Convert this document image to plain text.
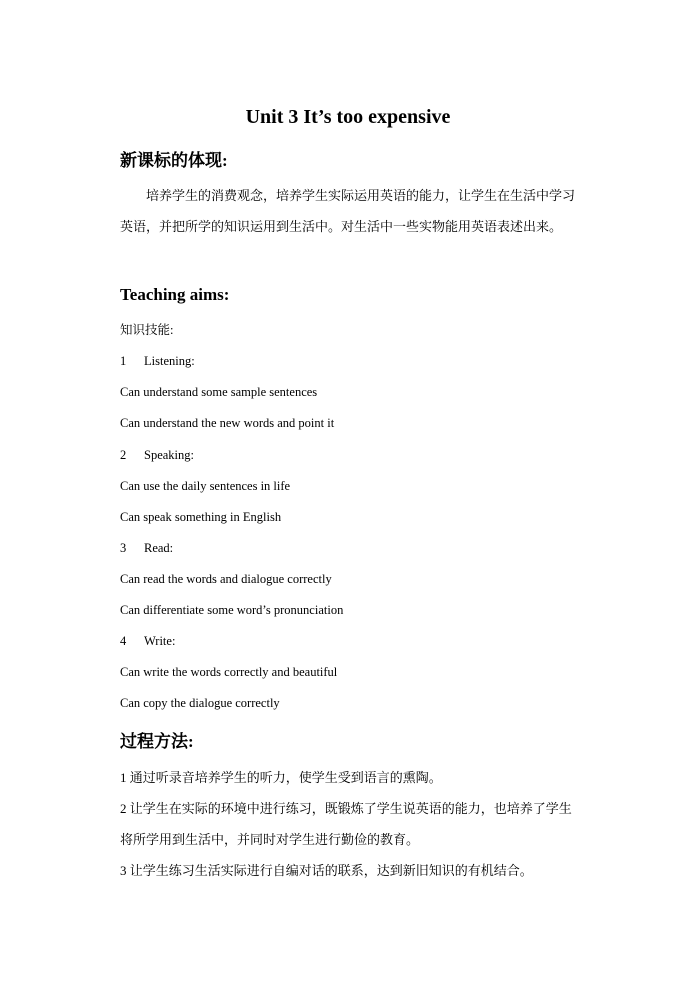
Unit 3 It’s too expensive
新课标的体现:
培养学生的消费观念，培养学生实际运用英语的能力，让学生在生活中学习英语，并把所学的知识运用到生活中。对生活中一些实物能用英语表述出来。
Teaching aims:
知识技能:
1 Listening:
Can understand some sample sentences
Can understand the new words and point it
2 Speaking:
Can use the daily sentences in life
Can speak something in English
3 Read:
Can read the words and dialogue correctly
Can differentiate some word’s pronunciation
4 Write:
Can write the words correctly and beautiful
Can copy the dialogue correctly
过程方法:
1 通过听录音培养学生的听力，使学生受到语言的熏陶。
2 让学生在实际的环境中进行练习，既锻炼了学生说英语的能力，也培养了学生将所学用到生活中，并同时对学生进行勤俭的教育。
3 让学生练习生活实际进行自编对话的联系，达到新旧知识的有机结合。
